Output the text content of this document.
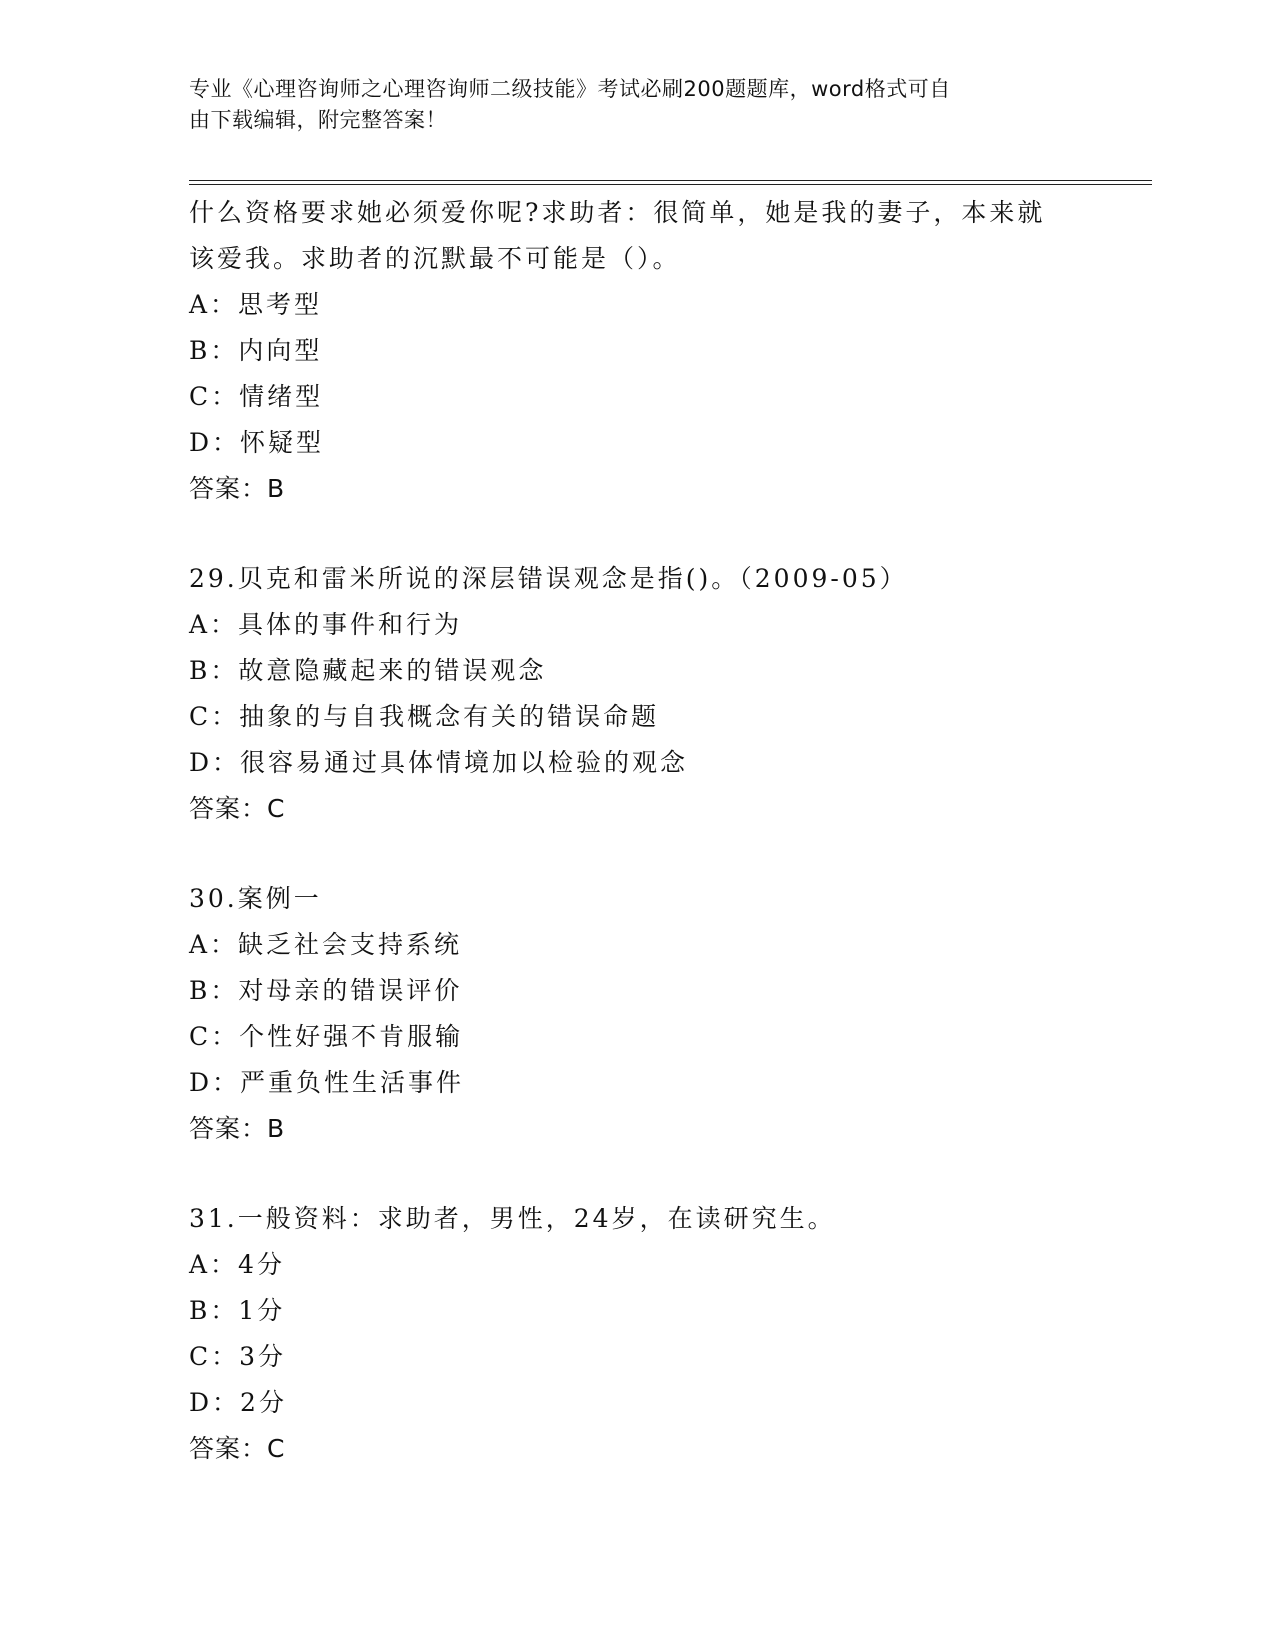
专业《心理咨询师之心理咨询师二级技能》考试必刷200题题库，word格式可自
由下载编辑，附完整答案！
什么资格要求她必须爱你呢?求助者：很简单，她是我的妻子，本来就
该爱我。求助者的沉默最不可能是（）。
A：思考型
B：内向型
C：情绪型
D：怀疑型
答案：B
29.贝克和雷米所说的深层错误观念是指()。（2009-05）
A：具体的事件和行为
B：故意隐藏起来的错误观念
C：抽象的与自我概念有关的错误命题
D：很容易通过具体情境加以检验的观念
答案：C
30.案例一
A：缺乏社会支持系统
B：对母亲的错误评价
C：个性好强不肯服输
D：严重负性生活事件
答案：B
31.一般资料：求助者，男性，24岁，在读研究生。
A：4分
B：1分
C：3分
D：2分
答案：C
